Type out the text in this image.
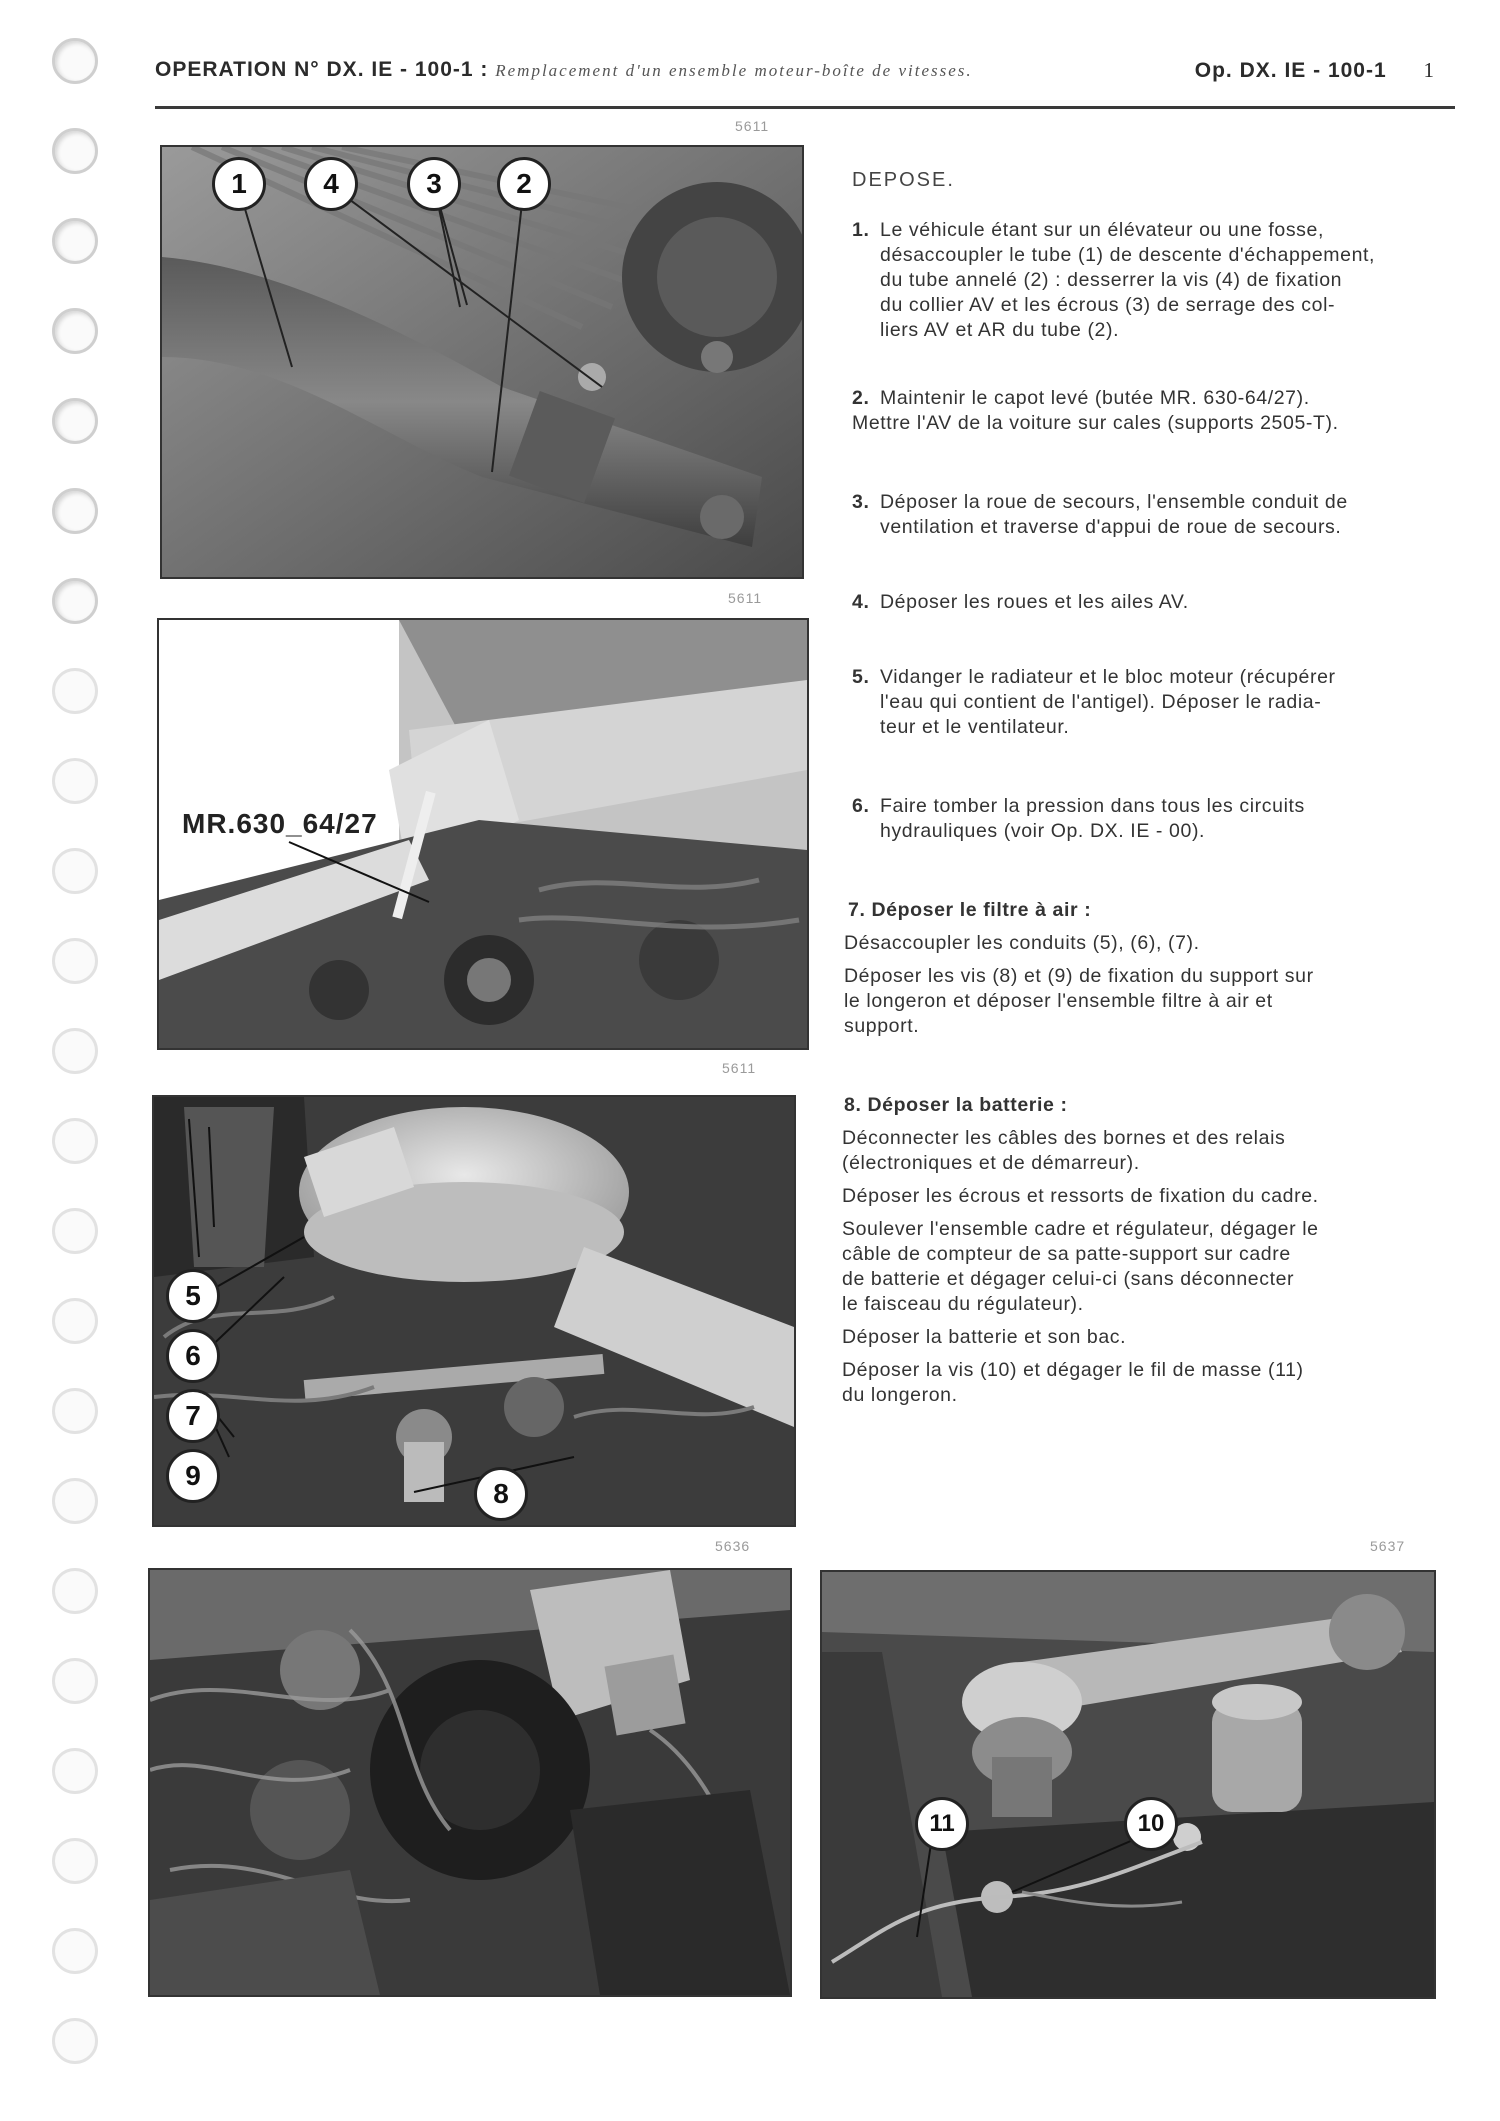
OPERATION N° DX. IE - 100-1 : Remplacement d'un ensemble moteur-boîte de vitesses.	Op. DX. IE - 100-1 1
5611
1	4	3	2
5611
MR.630_64/27
5611
5
6
7
9
8
5636	5637
11	10
DEPOSE.
1. Le véhicule étant sur un élévateur ou une fosse,
désaccoupler le tube (1) de descente d'échappement,
du tube annelé (2) : desserrer la vis (4) de fixation
du collier AV et les écrous (3) de serrage des col-
liers AV et AR du tube (2).
2. Maintenir le capot levé (butée MR. 630-64/27).
Mettre l'AV de la voiture sur cales (supports 2505-T).
3. Déposer la roue de secours, l'ensemble conduit de
ventilation et traverse d'appui de roue de secours.
4. Déposer les roues et les ailes AV.
5. Vidanger le radiateur et le bloc moteur (récupérer
l'eau qui contient de l'antigel). Déposer le radia-
teur et le ventilateur.
6. Faire tomber la pression dans tous les circuits
hydrauliques (voir Op. DX. IE - 00).
7. Déposer le filtre à air :
Désaccoupler les conduits (5), (6), (7).
Déposer les vis (8) et (9) de fixation du support sur
le longeron et déposer l'ensemble filtre à air et
support.
8. Déposer la batterie :
Déconnecter les câbles des bornes et des relais
(électroniques et de démarreur).
Déposer les écrous et ressorts de fixation du cadre.
Soulever l'ensemble cadre et régulateur, dégager le
câble de compteur de sa patte-support sur cadre
de batterie et dégager celui-ci (sans déconnecter
le faisceau du régulateur).
Déposer la batterie et son bac.
Déposer la vis (10) et dégager le fil de masse (11)
du longeron.
